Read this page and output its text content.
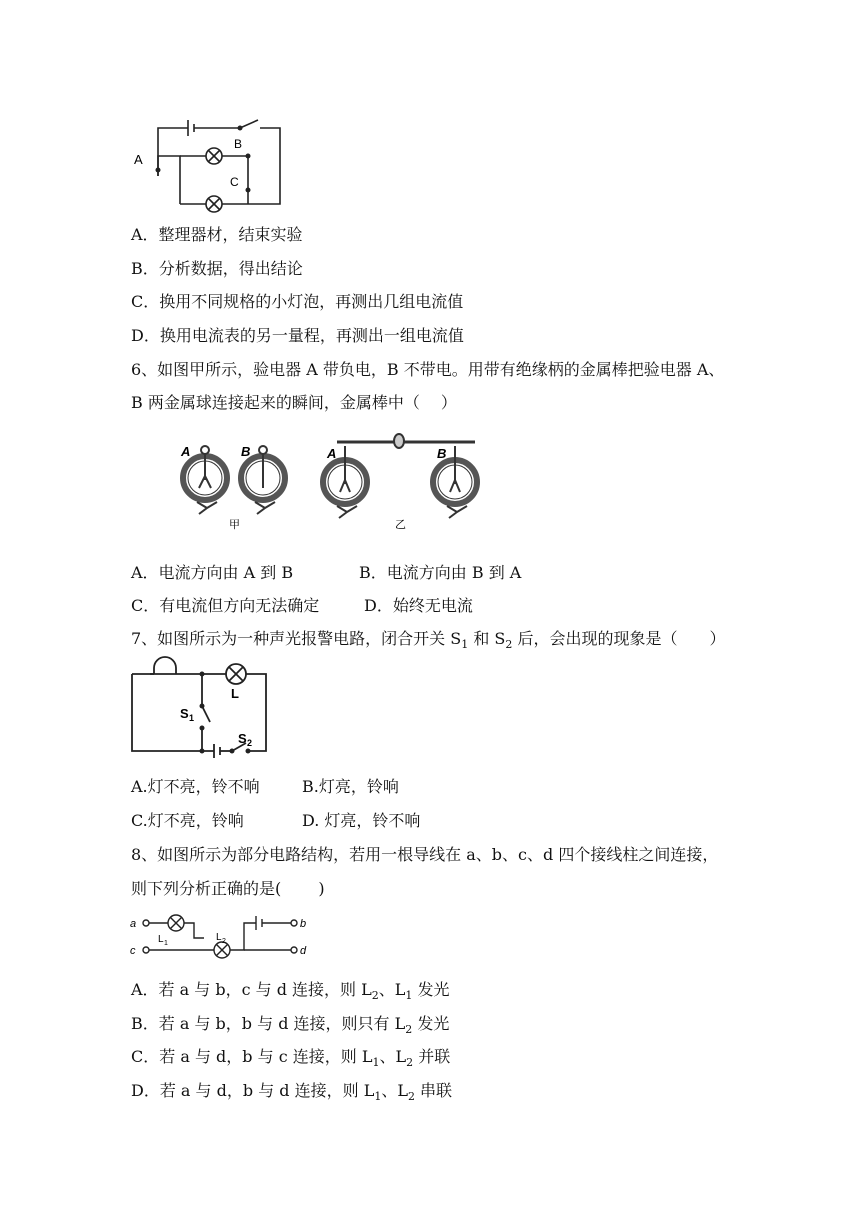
A
B
C
A．整理器材，结束实验
B．分析数据，得出结论
C．换用不同规格的小灯泡，再测出几组电流值
D．换用电流表的另一量程，再测出一组电流值
6、如图甲所示，验电器 A 带负电，B 不带电。用带有绝缘柄的金属棒把验电器 A、
B 两金属球连接起来的瞬间，金属棒中（　 ）
A	B	A	B
甲	乙
A．电流方向由 A 到 B	B．电流方向由 B 到 A
C．有电流但方向无法确定	D．始终无电流
7、如图所示为一种声光报警电路，闭合开关 $S_1$ 和 $S_2$ 后，会出现的现象是（　　）
S 1
L
S 2
A.灯不亮，铃不响	B.灯亮，铃响
C.灯不亮，铃响	D. 灯亮，铃不响
8、如图所示为部分电路结构，若用一根导线在 a、b、c、d 四个接线柱之间连接，
则下列分析正确的是(　　 )
a
c
b
d
L 1
L 2
A．若 a 与 b，c 与 d 连接，则 $L_2$、$L_1$ 发光
B．若 a 与 b，b 与 d 连接，则只有 $L_2$ 发光
C．若 a 与 d，b 与 c 连接，则 $L_1$、$L_2$ 并联
D．若 a 与 d，b 与 d 连接，则 $L_1$、$L_2$ 串联
